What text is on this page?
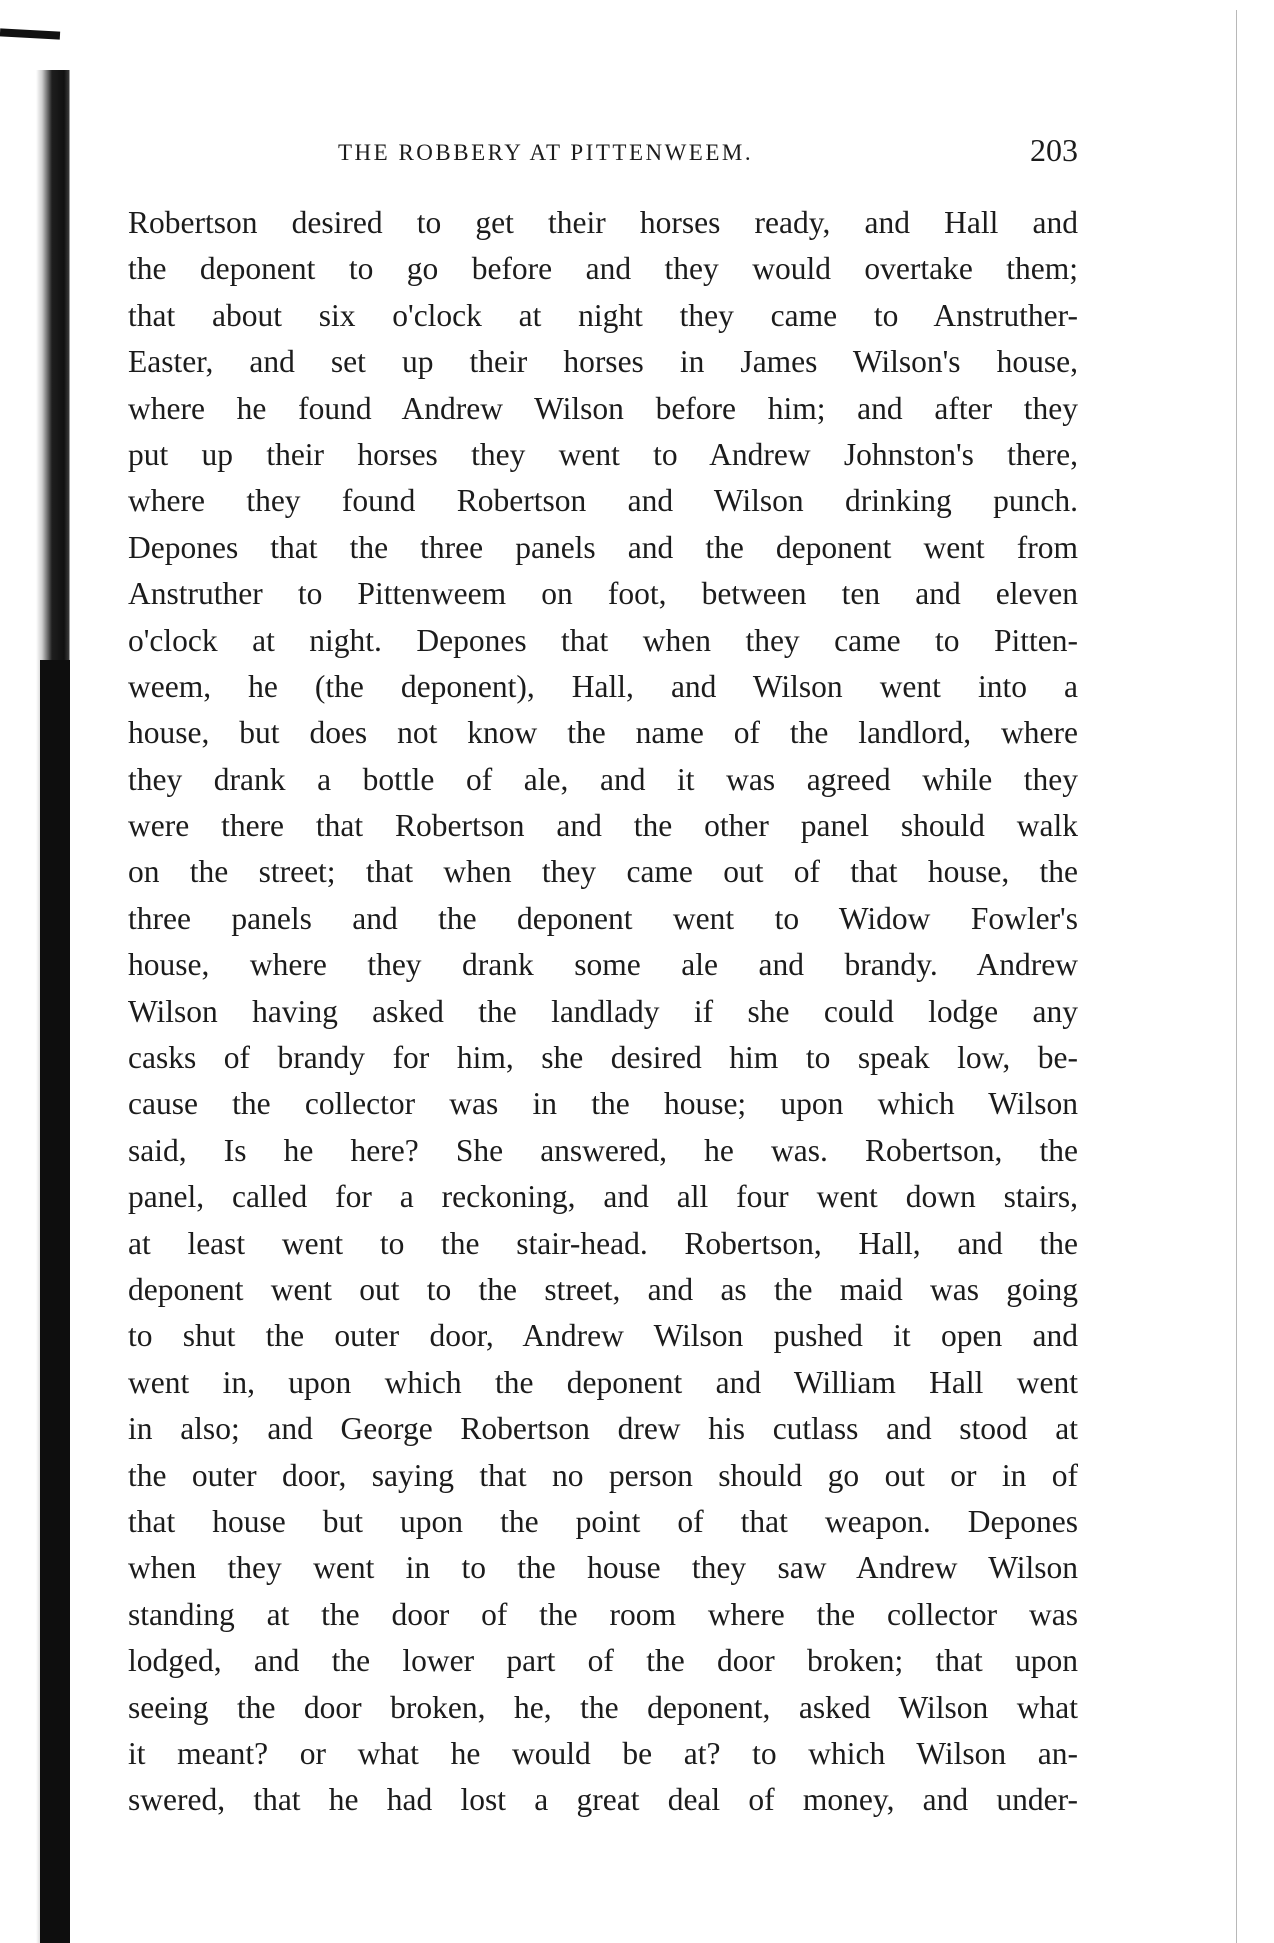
THE ROBBERY AT PITTENWEEM.	203
Robertson desired to get their horses ready, and Hall and
the deponent to go before and they would overtake them;
that about six o'clock at night they came to Anstruther-
Easter, and set up their horses in James Wilson's house,
where he found Andrew Wilson before him; and after they
put up their horses they went to Andrew Johnston's there,
where they found Robertson and Wilson drinking punch.
Depones that the three panels and the deponent went from
Anstruther to Pittenweem on foot, between ten and eleven
o'clock at night. Depones that when they came to Pitten-
weem, he (the deponent), Hall, and Wilson went into a
house, but does not know the name of the landlord, where
they drank a bottle of ale, and it was agreed while they
were there that Robertson and the other panel should walk
on the street; that when they came out of that house, the
three panels and the deponent went to Widow Fowler's
house, where they drank some ale and brandy. Andrew
Wilson having asked the landlady if she could lodge any
casks of brandy for him, she desired him to speak low, be-
cause the collector was in the house; upon which Wilson
said, Is he here? She answered, he was. Robertson, the
panel, called for a reckoning, and all four went down stairs,
at least went to the stair-head. Robertson, Hall, and the
deponent went out to the street, and as the maid was going
to shut the outer door, Andrew Wilson pushed it open and
went in, upon which the deponent and William Hall went
in also; and George Robertson drew his cutlass and stood at
the outer door, saying that no person should go out or in of
that house but upon the point of that weapon. Depones
when they went in to the house they saw Andrew Wilson
standing at the door of the room where the collector was
lodged, and the lower part of the door broken; that upon
seeing the door broken, he, the deponent, asked Wilson what
it meant? or what he would be at? to which Wilson an-
swered, that he had lost a great deal of money, and under-
